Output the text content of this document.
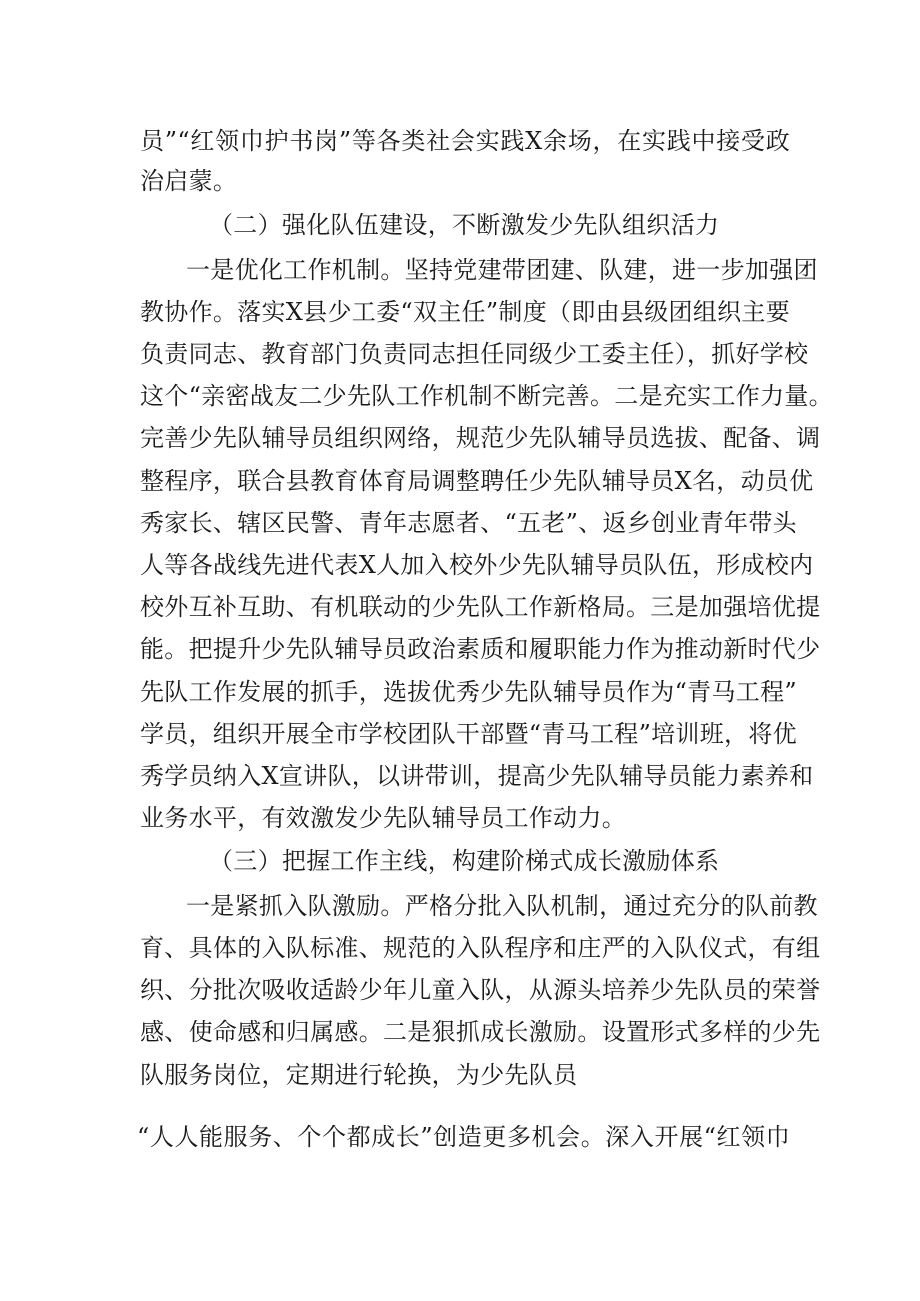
员”“红领巾护书岗”等各类社会实践X余场，在实践中接受政
治启蒙。
（二）强化队伍建设，不断激发少先队组织活力
一是优化工作机制。坚持党建带团建、队建，进一步加强团
教协作。落实X县少工委“双主任”制度（即由县级团组织主要
负责同志、教育部门负责同志担任同级少工委主任），抓好学校
这个“亲密战友二少先队工作机制不断完善。二是充实工作力量。
完善少先队辅导员组织网络，规范少先队辅导员选拔、配备、调
整程序，联合县教育体育局调整聘任少先队辅导员X名，动员优
秀家长、辖区民警、青年志愿者、“五老”、返乡创业青年带头
人等各战线先进代表X人加入校外少先队辅导员队伍，形成校内
校外互补互助、有机联动的少先队工作新格局。三是加强培优提
能。把提升少先队辅导员政治素质和履职能力作为推动新时代少
先队工作发展的抓手，选拔优秀少先队辅导员作为“青马工程”
学员，组织开展全市学校团队干部暨“青马工程”培训班，将优
秀学员纳入X宣讲队，以讲带训，提高少先队辅导员能力素养和
业务水平，有效激发少先队辅导员工作动力。
（三）把握工作主线，构建阶梯式成长激励体系
一是紧抓入队激励。严格分批入队机制，通过充分的队前教
育、具体的入队标准、规范的入队程序和庄严的入队仪式，有组
织、分批次吸收适龄少年儿童入队，从源头培养少先队员的荣誉
感、使命感和归属感。二是狠抓成长激励。设置形式多样的少先
队服务岗位，定期进行轮换，为少先队员
“人人能服务、个个都成长”创造更多机会。深入开展“红领巾
